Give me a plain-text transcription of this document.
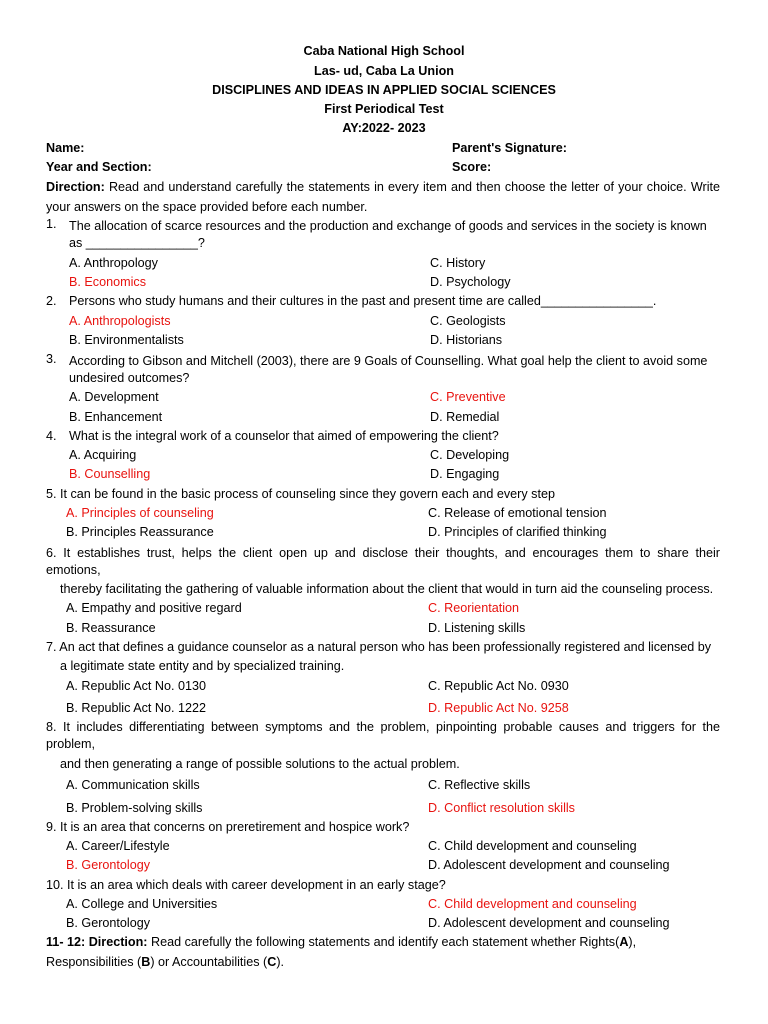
Caba National High School
Las- ud, Caba La Union
DISCIPLINES AND IDEAS IN APPLIED SOCIAL SCIENCES
First Periodical Test
AY:2022- 2023
Name:	Parent's Signature:
Year and Section:	Score:
Direction: Read and understand carefully the statements in every item and then choose the letter of your choice. Write your answers on the space provided before each number.
1. The allocation of scarce resources and the production and exchange of goods and services in the society is known
as ________________?
A. Anthropology
B. Economics
C. History
D. Psychology
2. Persons who study humans and their cultures in the past and present time are called________________.
A. Anthropologists
B. Environmentalists
C. Geologists
D. Historians
3. According to Gibson and Mitchell (2003), there are 9 Goals of Counselling. What goal help the client to avoid some
undesired outcomes?
A. Development
B. Enhancement
C. Preventive
D. Remedial
4. What is the integral work of a counselor that aimed of empowering the client?
A. Acquiring
B. Counselling
C. Developing
D. Engaging
5. It can be found in the basic process of counseling since they govern each and every step
A. Principles of counseling
B. Principles Reassurance
C. Release of emotional tension
D. Principles of clarified thinking
6. It establishes trust, helps the client open up and disclose their thoughts, and encourages them to share their
emotions,
thereby facilitating the gathering of valuable information about the client that would in turn aid the counseling process.
A. Empathy and positive regard
B. Reassurance
C. Reorientation
D. Listening skills
7. An act that defines a guidance counselor as a natural person who has been professionally registered and licensed by
a legitimate state entity and by specialized training.
A. Republic Act No. 0130
B. Republic Act No. 1222
C. Republic Act No. 0930
D. Republic Act No. 9258
8. It includes differentiating between symptoms and the problem, pinpointing probable causes and triggers for the
problem,
and then generating a range of possible solutions to the actual problem.
A. Communication skills
B. Problem-solving skills
C. Reflective skills
D. Conflict resolution skills
9. It is an area that concerns on preretirement and hospice work?
A. Career/Lifestyle
B. Gerontology
C. Child development and counseling
D. Adolescent development and counseling
10. It is an area which deals with career development in an early stage?
A. College and Universities
B. Gerontology
C. Child development and counseling
D. Adolescent development and counseling
11- 12: Direction: Read carefully the following statements and identify each statement whether Rights(A),
Responsibilities (B) or Accountabilities (C).
